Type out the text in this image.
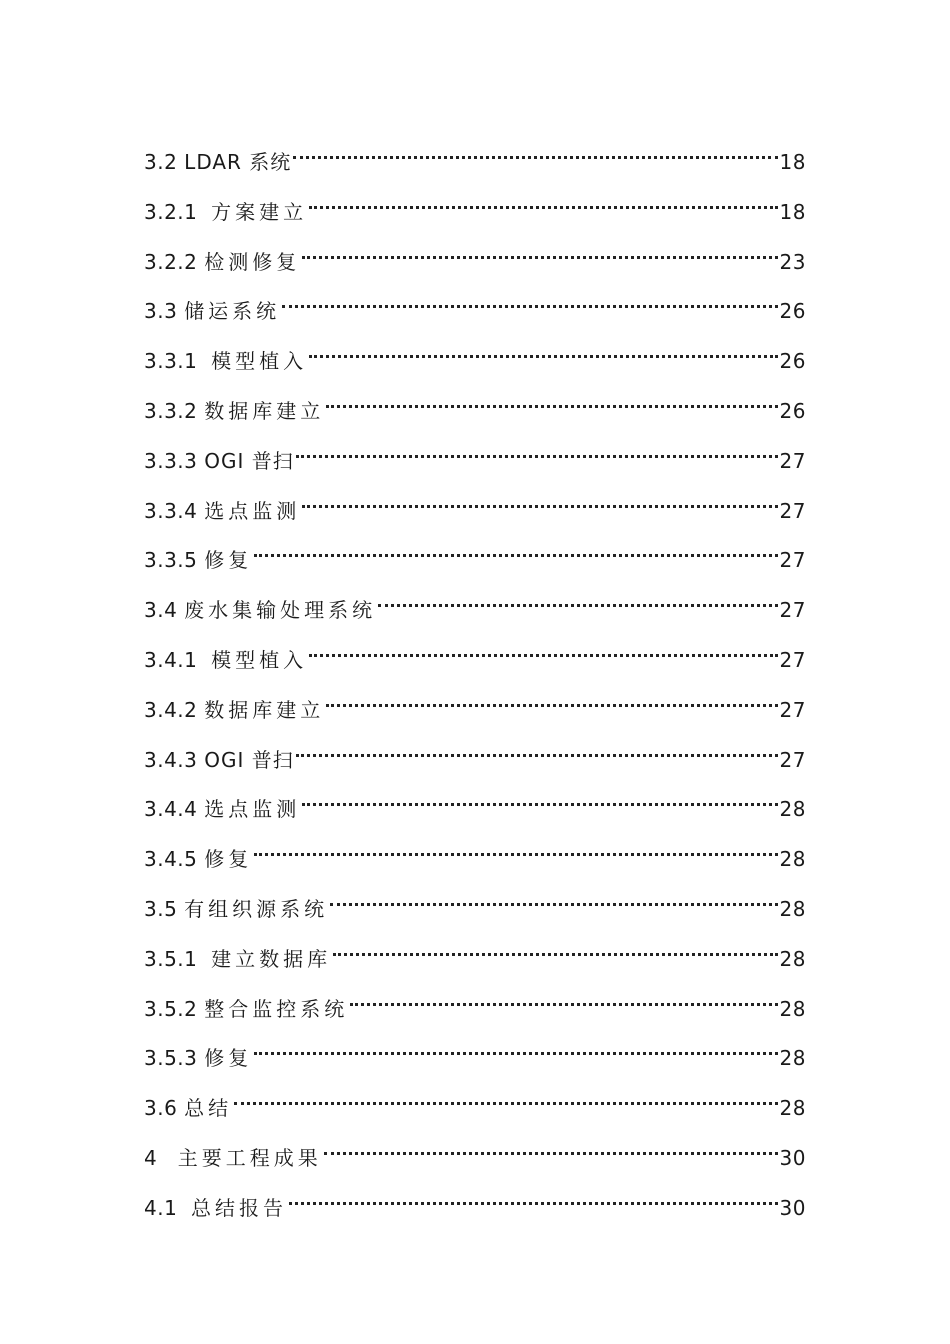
3.2 LDAR 系统	18
3.2.1 方案建立	18
3.2.2 检测修复	23
3.3 储运系统	26
3.3.1 模型植入	26
3.3.2 数据库建立	26
3.3.3 OGI 普扫	27
3.3.4 选点监测	27
3.3.5 修复	27
3.4 废水集输处理系统	27
3.4.1 模型植入	27
3.4.2 数据库建立	27
3.4.3 OGI 普扫	27
3.4.4 选点监测	28
3.4.5 修复	28
3.5 有组织源系统	28
3.5.1 建立数据库	28
3.5.2 整合监控系统	28
3.5.3 修复	28
3.6 总结	28
4 主要工程成果	30
4.1 总结报告	30
